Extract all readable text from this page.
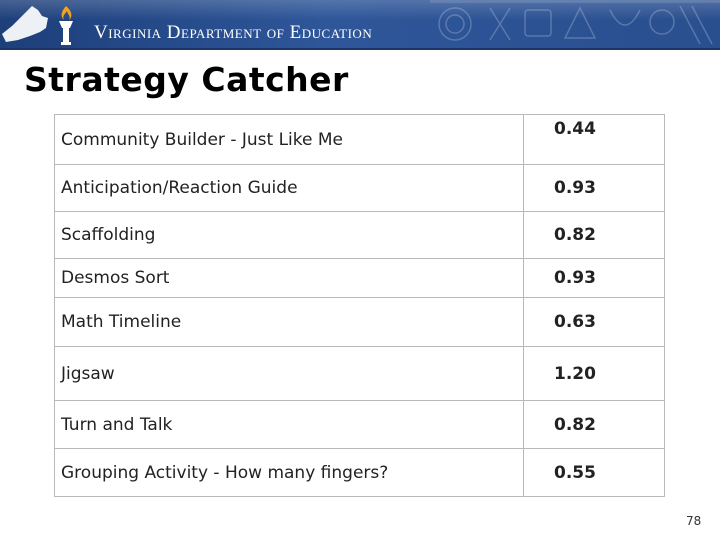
Virginia Department of Education
Strategy Catcher
Community Builder - Just Like Me	0.44
Anticipation/Reaction Guide	0.93
Scaffolding	0.82
Desmos Sort	0.93
Math Timeline	0.63
Jigsaw	1.20
Turn and Talk	0.82
Grouping Activity - How many fingers?	0.55
78
